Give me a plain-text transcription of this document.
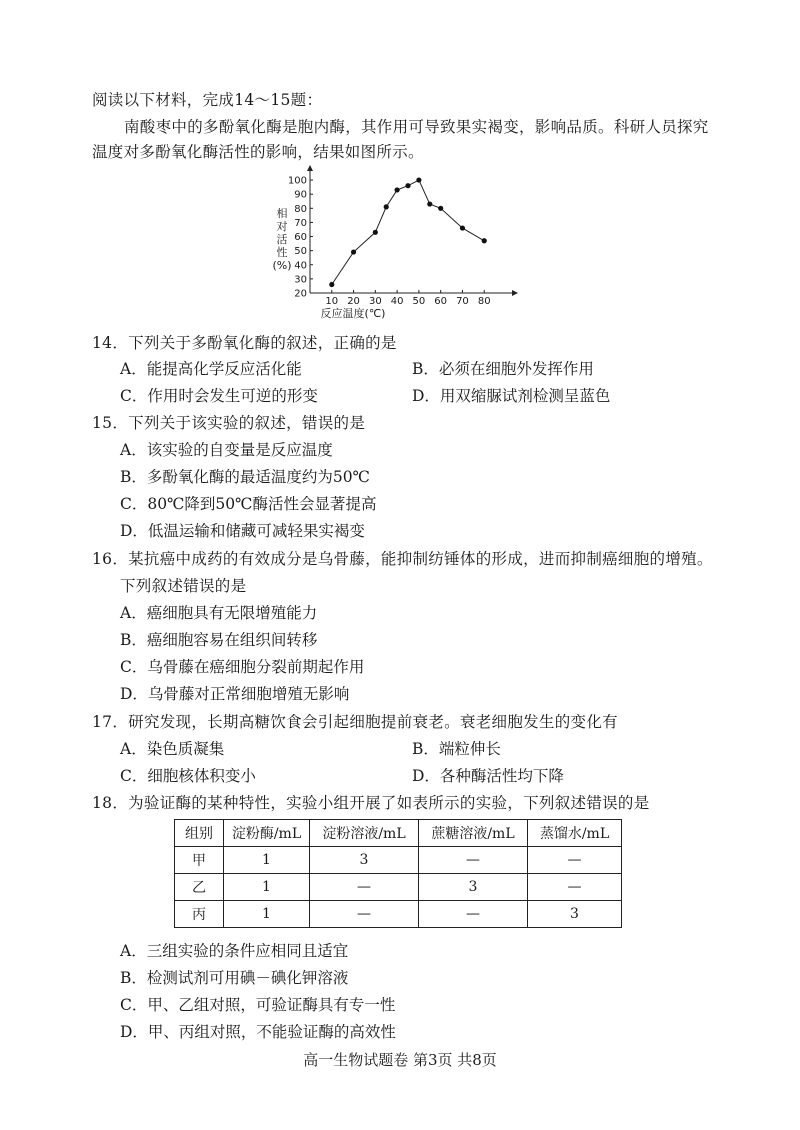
阅读以下材料，完成14～15题：
南酸枣中的多酚氧化酶是胞内酶，其作用可导致果实褐变，影响品质。科研人员探究
温度对多酚氧化酶活性的影响，结果如图所示。
10 20 30 40 50 60 70 80
20
30
40
50
60
70
80
90
100
相
对
活
性
(%)
反应温度(℃)
14．下列关于多酚氧化酶的叙述，正确的是
A．能提高化学反应活化能	B．必须在细胞外发挥作用
C．作用时会发生可逆的形变	D．用双缩脲试剂检测呈蓝色
15．下列关于该实验的叙述，错误的是
A．该实验的自变量是反应温度
B．多酚氧化酶的最适温度约为50℃
C．80℃降到50℃酶活性会显著提高
D．低温运输和储藏可减轻果实褐变
16．某抗癌中成药的有效成分是乌骨藤，能抑制纺锤体的形成，进而抑制癌细胞的增殖。
下列叙述错误的是
A．癌细胞具有无限增殖能力
B．癌细胞容易在组织间转移
C．乌骨藤在癌细胞分裂前期起作用
D．乌骨藤对正常细胞增殖无影响
17．研究发现，长期高糖饮食会引起细胞提前衰老。衰老细胞发生的变化有
A．染色质凝集	B．端粒伸长
C．细胞核体积变小	D．各种酶活性均下降
18．为验证酶的某种特性，实验小组开展了如表所示的实验，下列叙述错误的是
组别	淀粉酶/mL	淀粉溶液/mL	蔗糖溶液/mL	蒸馏水/mL
甲	1	3	—	—
乙	1	—	3	—
丙	1	—	—	3
A．三组实验的条件应相同且适宜
B．检测试剂可用碘－碘化钾溶液
C．甲、乙组对照，可验证酶具有专一性
D．甲、丙组对照，不能验证酶的高效性
高一生物试题卷 第3页 共8页
